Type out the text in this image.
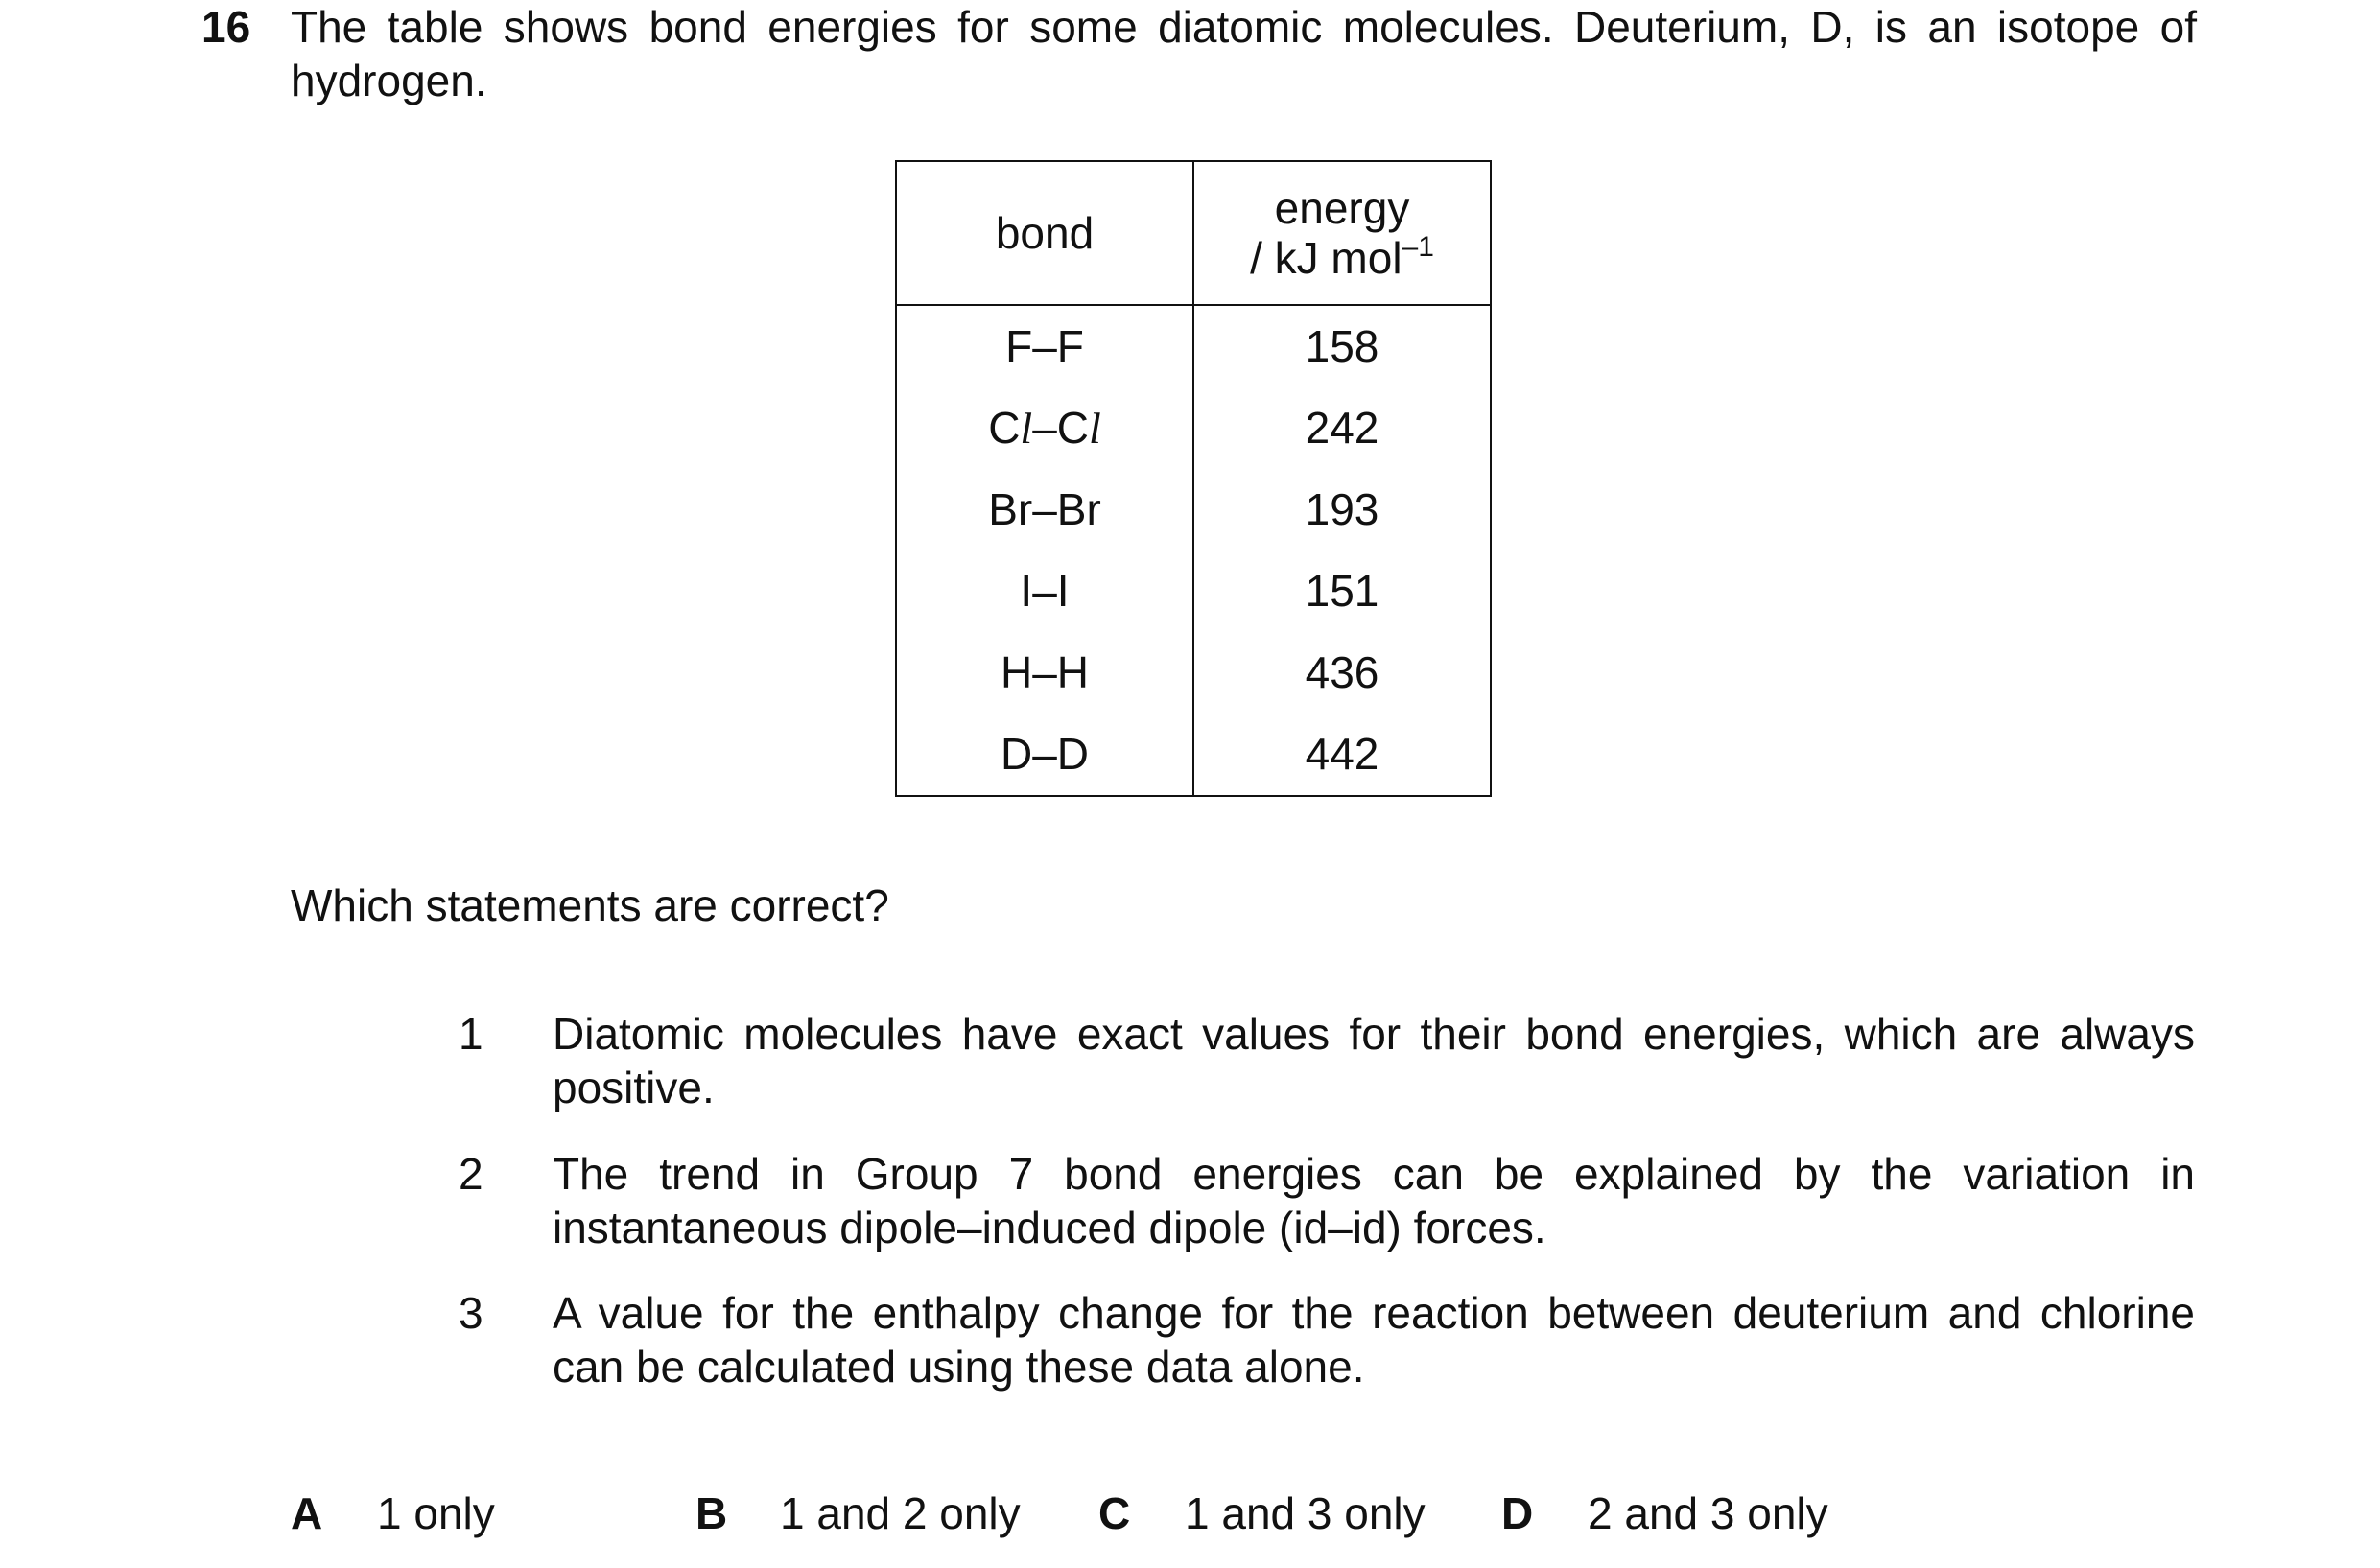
16 The table shows bond energies for some diatomic molecules. Deuterium, D, is an isotope of hydrogen.
bond	energy
/ kJ mol$^{-1}$

F–F	158
Cl–Cl	242
Br–Br	193
I–I	151
H–H	436
D–D	442
Which statements are correct?
1 Diatomic molecules have exact values for their bond energies, which are always positive.
2 The trend in Group 7 bond energies can be explained by the variation in instantaneous dipole–induced dipole (id–id) forces.
3 A value for the enthalpy change for the reaction between deuterium and chlorine can be calculated using these data alone.
A 1 only	B 1 and 2 only C 1 and 3 only D 2 and 3 only
